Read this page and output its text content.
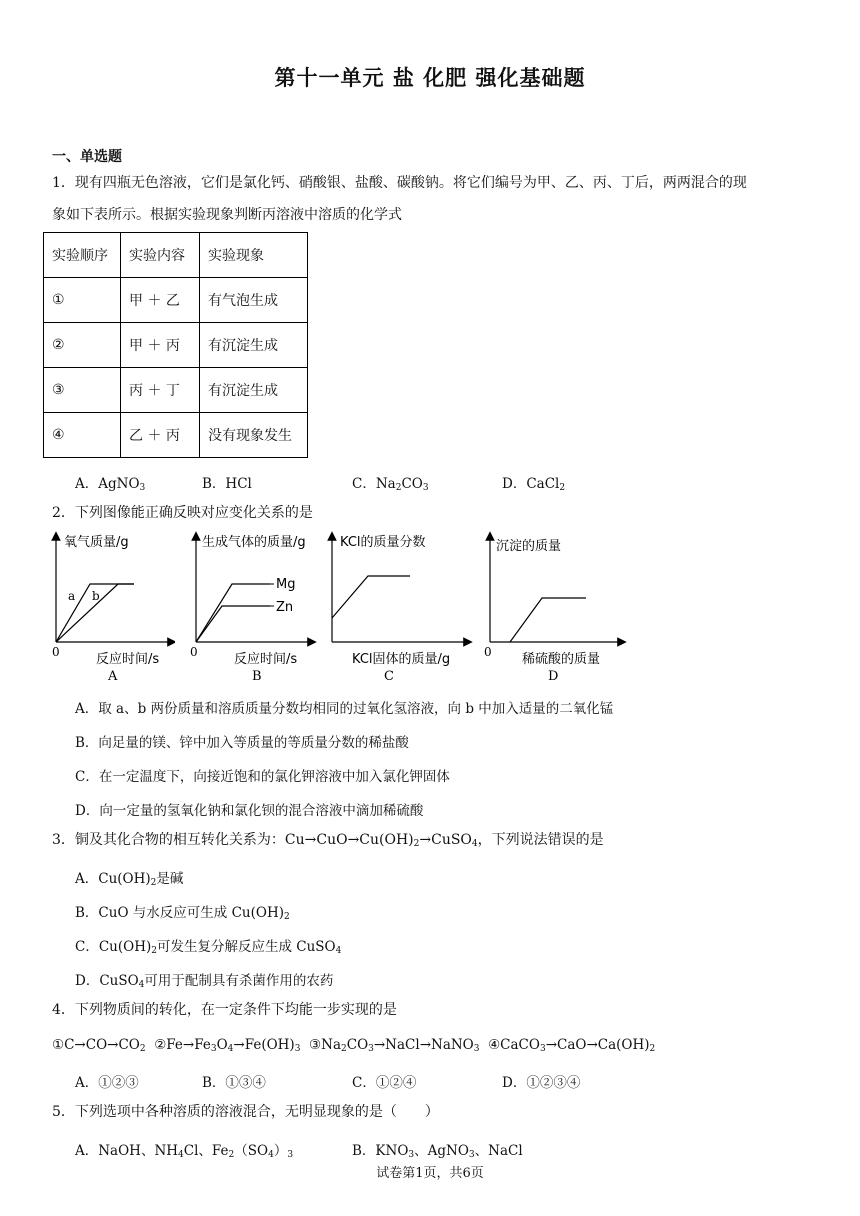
第十一单元 盐 化肥 强化基础题
一、单选题
1．现有四瓶无色溶液，它们是氯化钙、硝酸银、盐酸、碳酸钠。将它们编号为甲、乙、丙、丁后，两两混合的现
象如下表所示。根据实验现象判断丙溶液中溶质的化学式
实验顺序	实验内容	实验现象
①	甲 ＋ 乙	有气泡生成
②	甲 ＋ 丙	有沉淀生成
③	丙 ＋ 丁	有沉淀生成
④	乙 ＋ 丙	没有现象发生
A．AgNO$_3$	B．HCl	C．$Na_2CO_3$	D．CaCl$_2$
2．下列图像能正确反映对应变化关系的是
氧气质量/g
反应时间/s
0
a b
A
生成气体的质量/g
反应时间/s
0
Mg
Zn
B
KCl的质量分数
KCl固体的质量/g
C
沉淀的质量
稀硫酸的质量
0
D
A．取 a、b 两份质量和溶质质量分数均相同的过氧化氢溶液，向 b 中加入适量的二氧化锰
B．向足量的镁、锌中加入等质量的等质量分数的稀盐酸
C．在一定温度下，向接近饱和的氯化钾溶液中加入氯化钾固体
D．向一定量的氢氧化钠和氯化钡的混合溶液中滴加稀硫酸
3．铜及其化合物的相互转化关系为：$Cu\to CuO\to Cu(OH)_2\to CuSO_4$，下列说法错误的是
A．$Cu(OH)_2$是碱
B．CuO 与水反应可生成 $Cu(OH)_2$
C．$Cu(OH)_2$可发生复分解反应生成 CuSO$_4$
D．CuSO$_4$可用于配制具有杀菌作用的农药
4．下列物质间的转化，在一定条件下均能一步实现的是
$①C\to CO\to CO_2$ $②Fe\to Fe_3O_4\to Fe(OH)_3$ $③Na_2CO_3\to NaCl\to NaNO_3$ $④CaCO_3\to CaO\to Ca(OH)_2$
A．①②③	B．①③④	C．①②④	D．①②③④
5．下列选项中各种溶质的溶液混合，无明显现象的是（　　）
A．NaOH、$NH_4Cl$、$Fe_2(SO_4)_3$	B．$KNO_3$、AgNO$_3$、NaCl
试卷第1页，共6页
